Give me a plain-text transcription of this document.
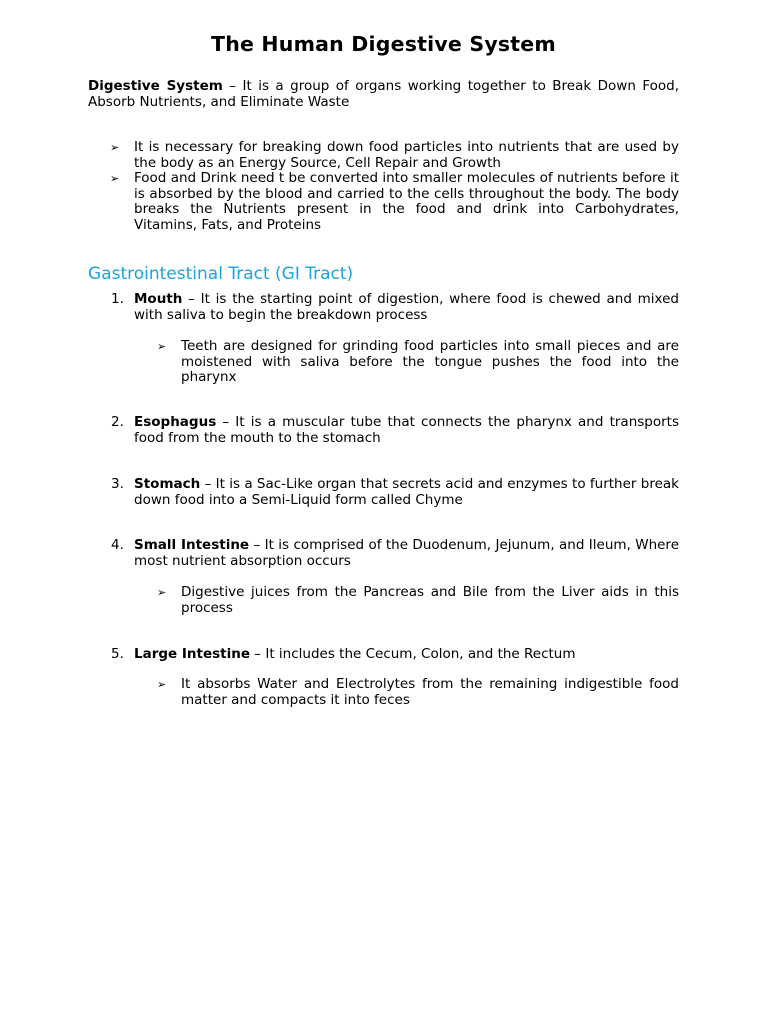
The Human Digestive System
Digestive System – It is a group of organs working together to Break Down Food, Absorb Nutrients, and Eliminate Waste
➢ It is necessary for breaking down food particles into nutrients that are used by the body as an Energy Source, Cell Repair and Growth
➢ Food and Drink need t be converted into smaller molecules of nutrients before it is absorbed by the blood and carried to the cells throughout the body. The body breaks the Nutrients present in the food and drink into Carbohydrates, Vitamins, Fats, and Proteins
Gastrointestinal Tract (GI Tract)
1. Mouth – It is the starting point of digestion, where food is chewed and mixed with saliva to begin the breakdown process
➢	Teeth are designed for grinding food particles into small pieces and are moistened with saliva before the tongue pushes the food into the pharynx
2. Esophagus – It is a muscular tube that connects the pharynx and transports food from the mouth to the stomach
3. Stomach – It is a Sac-Like organ that secrets acid and enzymes to further break down food into a Semi-Liquid form called Chyme
4. Small Intestine – It is comprised of the Duodenum, Jejunum, and Ileum, Where most nutrient absorption occurs
➢	Digestive juices from the Pancreas and Bile from the Liver aids in this process
5. Large Intestine – It includes the Cecum, Colon, and the Rectum
➢	It absorbs Water and Electrolytes from the remaining indigestible food matter and compacts it into feces
